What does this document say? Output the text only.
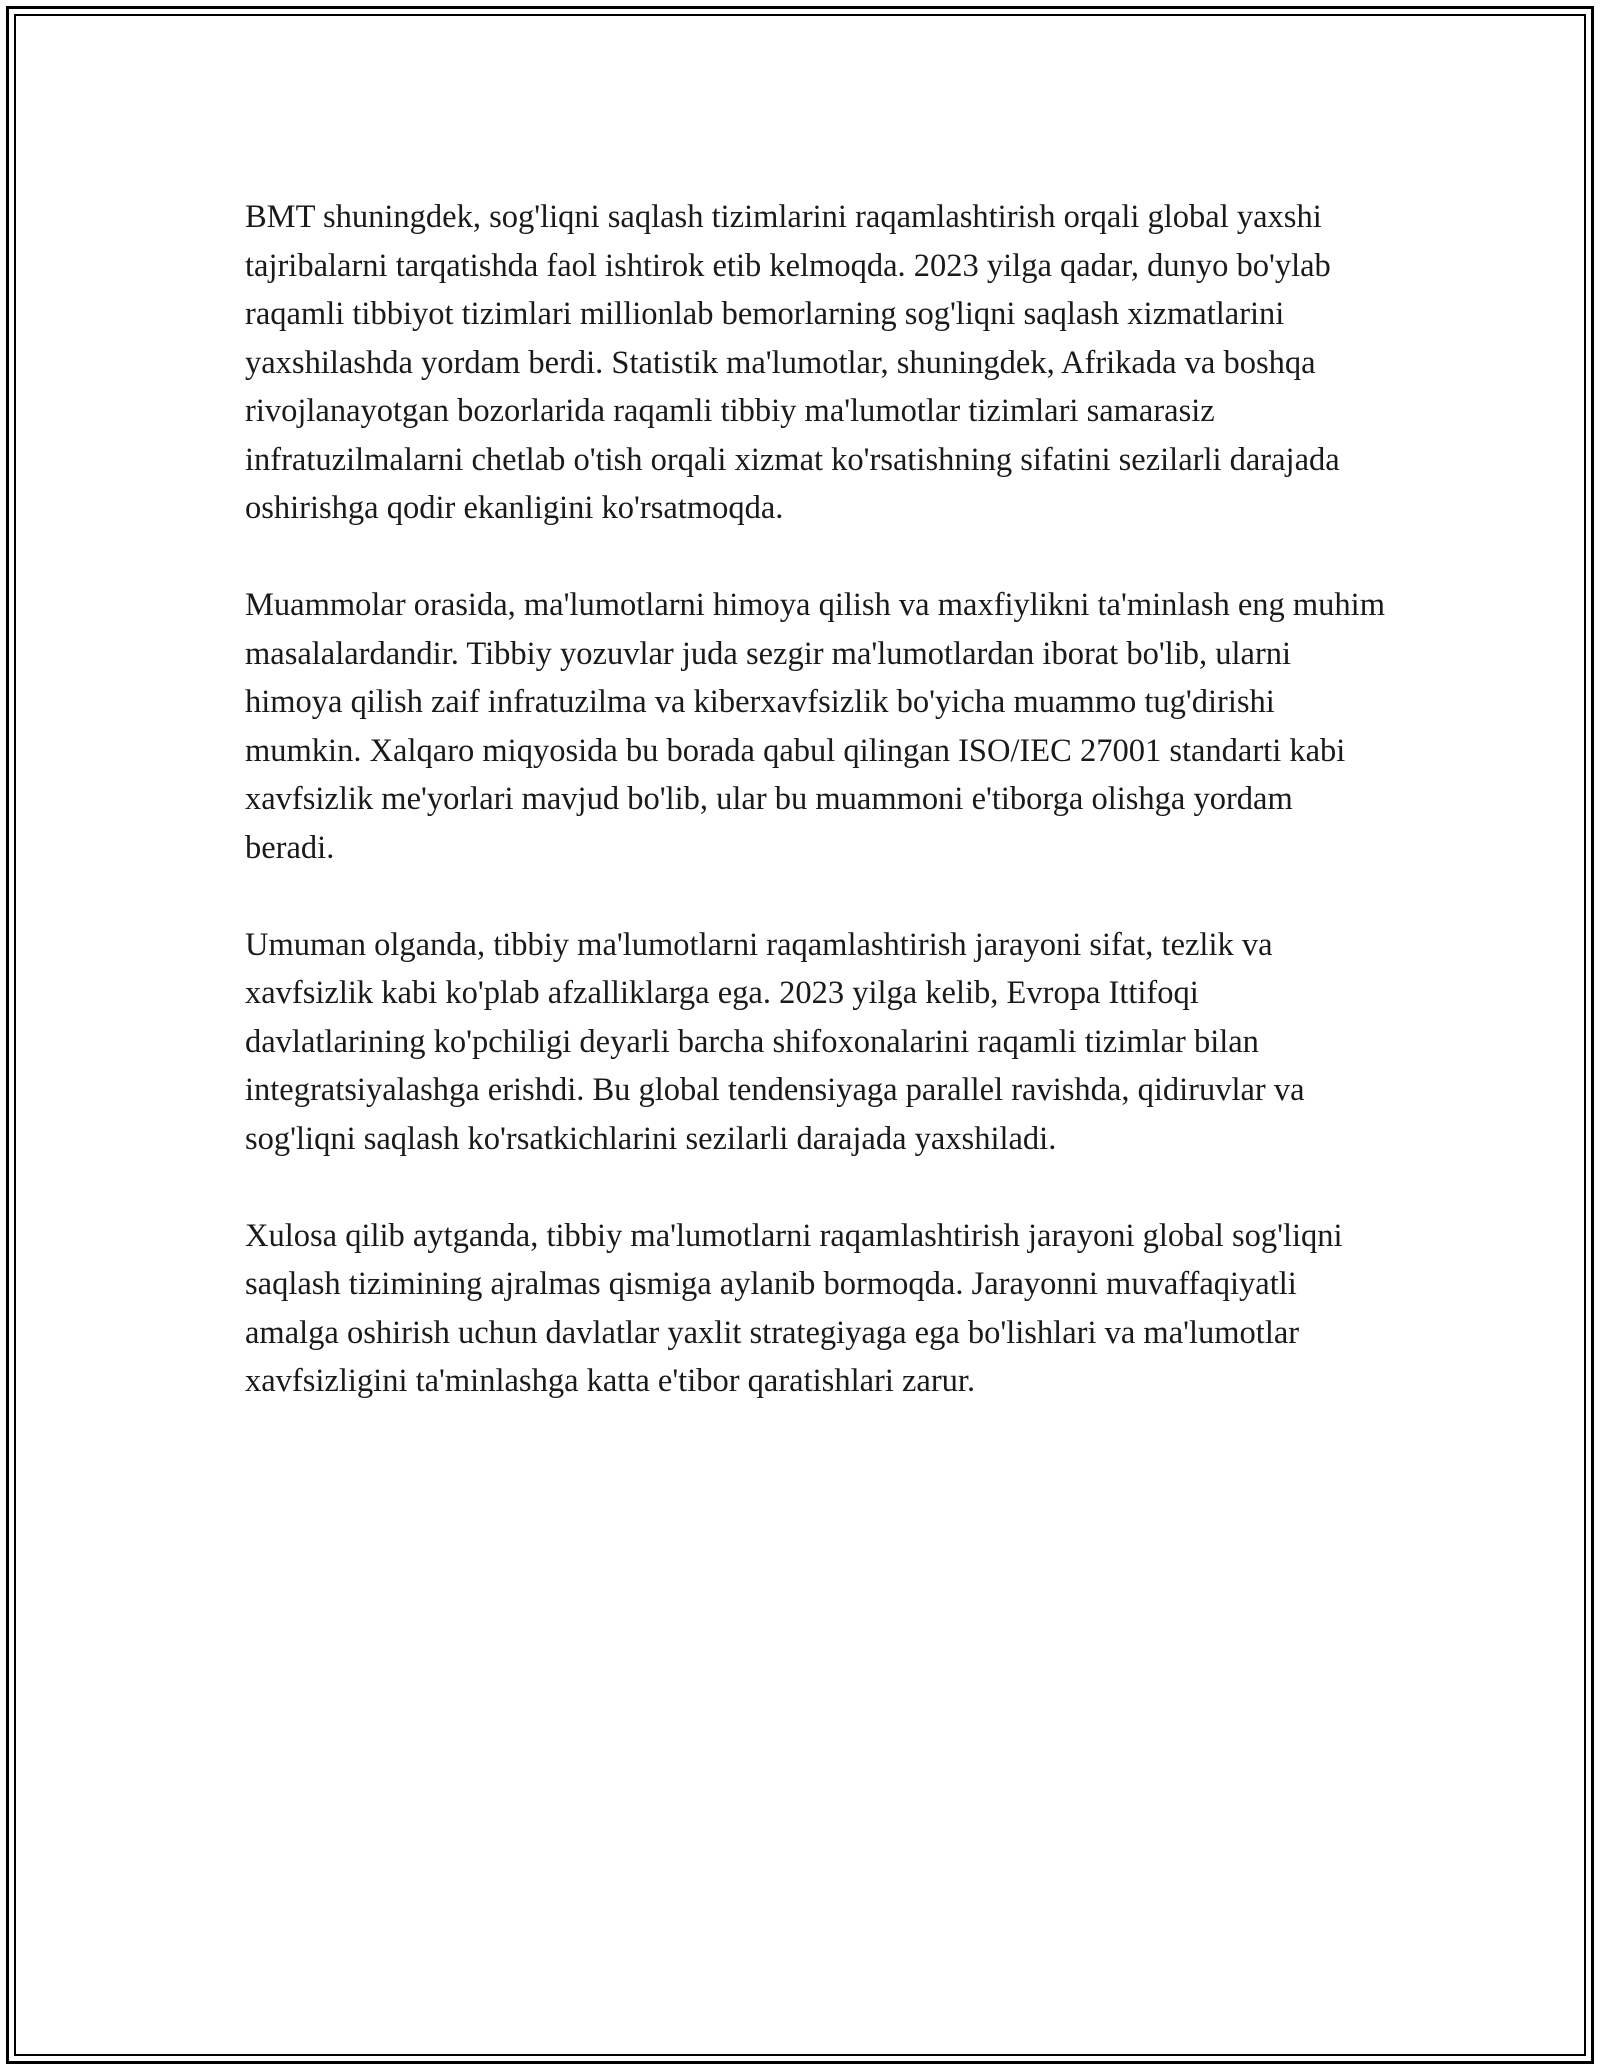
BMT shuningdek, sog'liqni saqlash tizimlarini raqamlashtirish orqali global yaxshi tajribalarni tarqatishda faol ishtirok etib kelmoqda. 2023 yilga qadar, dunyo bo'ylab raqamli tibbiyot tizimlari millionlab bemorlarning sog'liqni saqlash xizmatlarini yaxshilashda yordam berdi. Statistik ma'lumotlar, shuningdek, Afrikada va boshqa rivojlanayotgan bozorlarida raqamli tibbiy ma'lumotlar tizimlari samarasiz infratuzilmalarni chetlab o'tish orqali xizmat ko'rsatishning sifatini sezilarli darajada oshirishga qodir ekanligini ko'rsatmoqda.

Muammolar orasida, ma'lumotlarni himoya qilish va maxfiylikni ta'minlash eng muhim masalalardandir. Tibbiy yozuvlar juda sezgir ma'lumotlardan iborat bo'lib, ularni himoya qilish zaif infratuzilma va kiberxavfsizlik bo'yicha muammo tug'dirishi mumkin. Xalqaro miqyosida bu borada qabul qilingan ISO/IEC 27001 standarti kabi xavfsizlik me'yorlari mavjud bo'lib, ular bu muammoni e'tiborga olishga yordam beradi.

Umuman olganda, tibbiy ma'lumotlarni raqamlashtirish jarayoni sifat, tezlik va xavfsizlik kabi ko'plab afzalliklarga ega. 2023 yilga kelib, Evropa Ittifoqi davlatlarining ko'pchiligi deyarli barcha shifoxonalarini raqamli tizimlar bilan integratsiyalashga erishdi. Bu global tendensiyaga parallel ravishda, qidiruvlar va sog'liqni saqlash ko'rsatkichlarini sezilarli darajada yaxshiladi.

Xulosa qilib aytganda, tibbiy ma'lumotlarni raqamlashtirish jarayoni global sog'liqni saqlash tizimining ajralmas qismiga aylanib bormoqda. Jarayonni muvaffaqiyatli amalga oshirish uchun davlatlar yaxlit strategiyaga ega bo'lishlari va ma'lumotlar xavfsizligini ta'minlashga katta e'tibor qaratishlari zarur.
